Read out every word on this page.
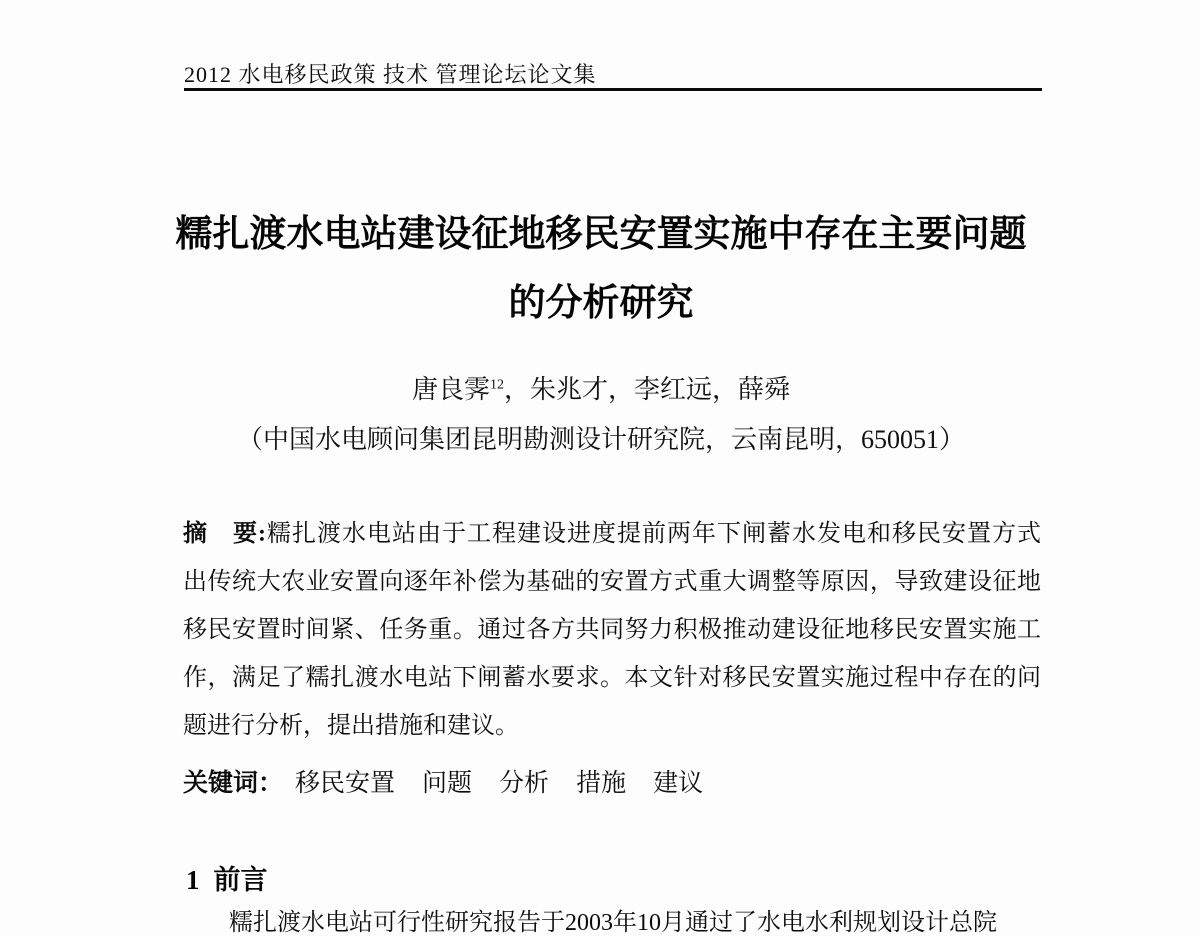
2012 水电移民政策 技术 管理论坛论文集
糯扎渡水电站建设征地移民安置实施中存在主要问题
的分析研究
唐良霁$^{12}$，朱兆才，李红远，薛舜
（中国水电顾问集团昆明勘测设计研究院，云南昆明，650051）
摘　要:糯扎渡水电站由于工程建设进度提前两年下闸蓄水发电和移民安置方式
出传统大农业安置向逐年补偿为基础的安置方式重大调整等原因，导致建设征地
移民安置时间紧、任务重。通过各方共同努力积极推动建设征地移民安置实施工
作，满足了糯扎渡水电站下闸蓄水要求。本文针对移民安置实施过程中存在的问
题进行分析，提出措施和建议。
关键词： 移民安置 问题 分析 措施 建议
1 前言
糯扎渡水电站可行性研究报告于2003年10月通过了水电水利规划设计总院
